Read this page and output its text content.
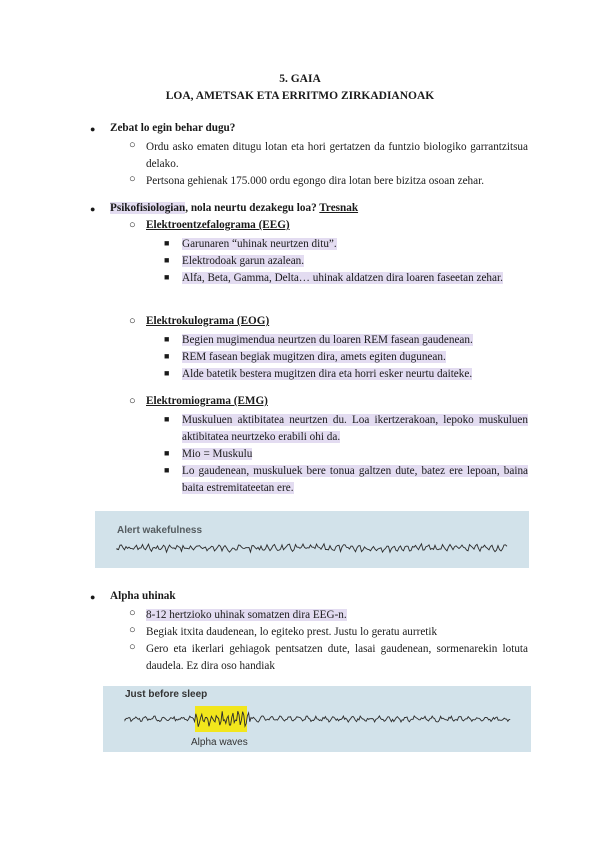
5. GAIA
LOA, AMETSAK ETA ERRITMO ZIRKADIANOAK
● Zebat lo egin behar dugu?
○ Ordu asko ematen ditugu lotan eta hori gertatzen da funtzio biologiko garrantzitsua delako.
○ Pertsona gehienak 175.000 ordu egongo dira lotan bere bizitza osoan zehar.
● Psikofisiologian, nola neurtu dezakegu loa? Tresnak
○ Elektroentzefalograma (EEG)
■ Garunaren “uhinak neurtzen ditu”.
■ Elektrodoak garun azalean.
■ Alfa, Beta, Gamma, Delta… uhinak aldatzen dira loaren faseetan zehar.
○ Elektrokulograma (EOG)
■ Begien mugimendua neurtzen du loaren REM fasean gaudenean.
■ REM fasean begiak mugitzen dira, amets egiten dugunean.
■ Alde batetik bestera mugitzen dira eta horri esker neurtu daiteke.
○ Elektromiograma (EMG)
■ Muskuluen aktibitatea neurtzen du. Loa ikertzerakoan, lepoko muskuluen aktibitatea neurtzeko erabili ohi da.
■ Mio = Muskulu
■ Lo gaudenean, muskuluek bere tonua galtzen dute, batez ere lepoan, baina baita estremitateetan ere.
Alert wakefulness
● Alpha uhinak
○ 8-12 hertzioko uhinak somatzen dira EEG-n.
○ Begiak itxita daudenean, lo egiteko prest. Justu lo geratu aurretik
○ Gero eta ikerlari gehiagok pentsatzen dute, lasai gaudenean, sormenarekin lotuta daudela. Ez dira oso handiak
Just before sleep
Alpha waves
